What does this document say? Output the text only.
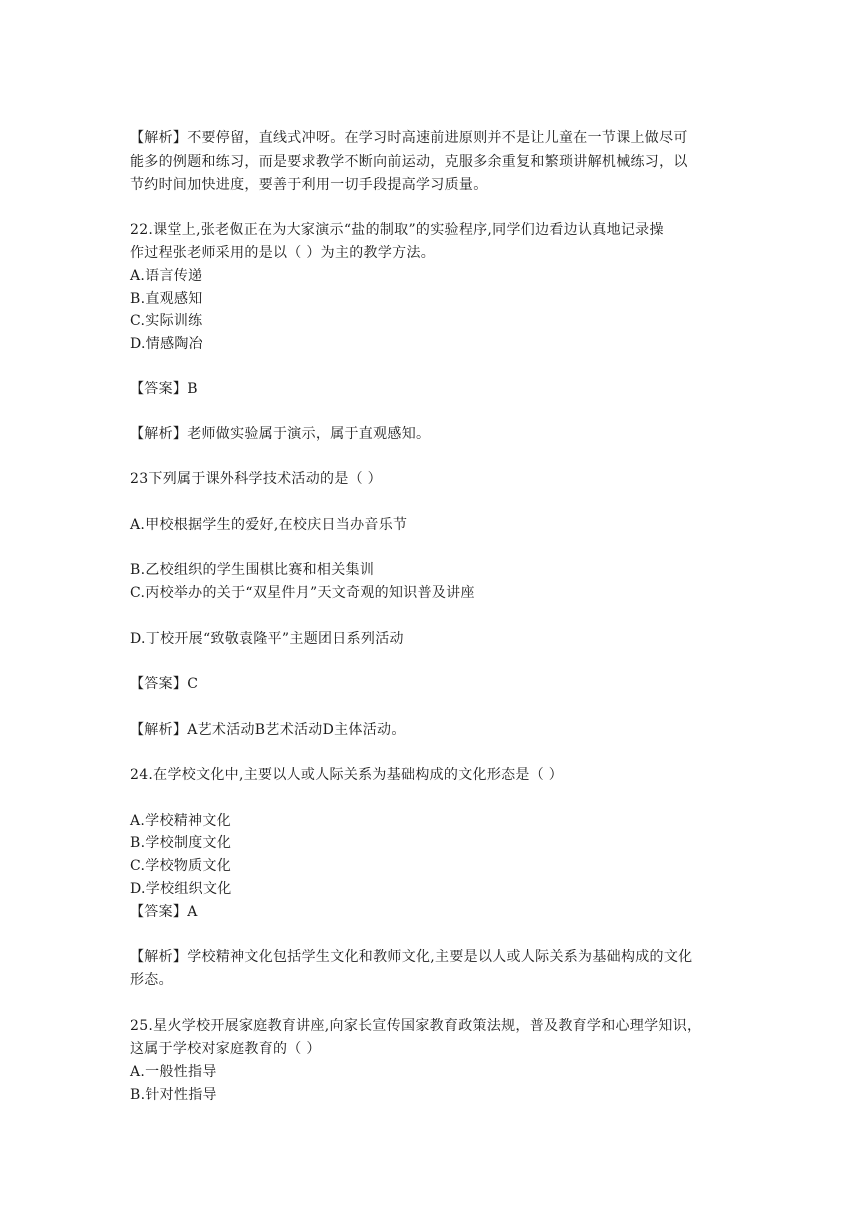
【解析】不要停留，直线式冲呀。在学习时高速前进原则并不是让儿童在一节课上做尽可
能多的例题和练习，而是要求教学不断向前运动，克服多余重复和繁琐讲解机械练习，以
节约时间加快进度，要善于利用一切手段提高学习质量。
22.课堂上,张老伮正在为大家演示“盐的制取”的实验程序,同学们边看边认真地记录操
作过程张老师采用的是以（ ）为主的教学方法。
A.语言传递
B.直观感知
C.实际训练
D.情感陶冶
【答案】B
【解析】老师做实验属于演示，属于直观感知。
23下列属于课外科学技术活动的是（ ）
A.甲校根据学生的爱好,在校庆日当办音乐节
B.乙校组织的学生围棋比赛和相关集训
C.丙校举办的关于“双星件月”天文奇观的知识普及讲座
D.丁校开展“致敬袁隆平”主题团日系列活动
【答案】C
【解析】A艺术活动B艺术活动D主体活动。
24.在学校文化中,主要以人或人际关系为基础构成的文化形态是（ ）
A.学校精神文化
B.学校制度文化
C.学校物质文化
D.学校组织文化
【答案】A
【解析】学校精神文化包括学生文化和教师文化,主要是以人或人际关系为基础构成的文化
形态。
25.星火学校开展家庭教育讲座,向家长宣传国家教育政策法规，普及教育学和心理学知识，
这属于学校对家庭教育的（ ）
A.一般性指导
B.针对性指导
